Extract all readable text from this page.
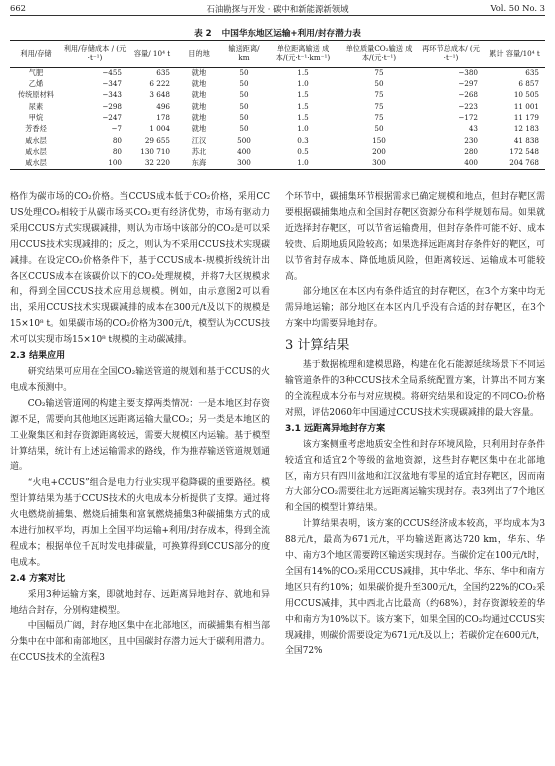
662	石油勘探与开发 · 碳中和新能源新领域	Vol. 50 No. 3
表 2 中国华东地区运输+利用/封存潜力表
利用/存储	利用/存储成本 / (元·t⁻¹)	容量/ 10⁴ t	目的地	输送距离/ km	单位距离输送 成本/(元·t⁻¹·km⁻¹)	单位质量CO₂输送 成本/(元·t⁻¹)	再环节总成本/ (元·t⁻¹)	累计 容量/10⁴ t
气肥	−455	635	就地	50	1.5	75	−380	635
乙烯	−347	6 222	就地	50	1.0	50	−297	6 857
传统原材料	−343	3 648	就地	50	1.5	75	−268	10 505
尿素	−298	496	就地	50	1.5	75	−223	11 001
甲烷	−247	178	就地	50	1.5	75	−172	11 179
芳香烃	−7	1 004	就地	50	1.0	50	43	12 183
咸水层	80	29 655	江汉	500	0.3	150	230	41 838
咸水层	80	130 710	苏北	400	0.5	200	280	172 548
咸水层	100	32 220	东海	300	1.0	300	400	204 768

格作为碳市场的CO₂价格。当CCUS成本低于CO₂价格，采用CCUS处理CO₂相较于从碳市场买CO₂更有经济优势，市场有驱动力采用CCUS方式实现碳减排，则认为市场中该部分的CO₂是可以采用CCUS技术实现减排的；反之，则认为不采用CCUS技术实现碳减排。在设定CO₂价格条件下，基于CCUS成本-规模折线统计出各区CCUS成本在该碳价以下的CO₂处理规模，并将7大区规模求和，得到全国CCUS技术应用总规模。例如，由示意图2可以看出，采用CCUS技术实现碳减排的成本在300元/t及以下的规模是15×10⁸ t。如果碳市场的CO₂价格为300元/t，模型认为CCUS技术可以实现市场15×10⁸ t规模的主动碳减排。

2.3 结果应用

研究结果可应用在全国CO₂输送管道的规划和基于CCUS的火电成本预测中。

CO₂输送管道网的构建主要支撑两类情况：一是本地区封存资源不足，需要向其他地区远距离运输大量CO₂；另一类是本地区的工业聚集区和封存资源距离较远，需要大规模区内运输。基于模型计算结果，统计有上述运输需求的路线，作为推荐输送管道规划通道。

“火电+CCUS”组合是电力行业实现平稳降碳的重要路径。模型计算结果为基于CCUS技术的火电成本分析提供了支撑。通过将火电燃烧前捕集、燃烧后捕集和富氧燃烧捕集3种碳捕集方式的成本进行加权平均，再加上全国平均运输+利用/封存成本，得到全流程成本；根据单位千瓦时发电排碳量，可换算得到CCUS部分的度电成本。

2.4 方案对比

采用3种运输方案，即就地封存、远距离异地封存、就地和异地结合封存，分别构建模型。

中国幅员广阔，封存地区集中在北部地区，而碳捕集有相当部分集中在中部和南部地区，且中国碳封存潜力远大于碳利用潜力。在CCUS技术的全流程3

个环节中，碳捕集环节根据需求已确定规模和地点，但封存靶区需要根据碳捕集地点和全国封存靶区资源分布科学规划布局。如果就近选择封存靶区，可以节省运输费用，但封存条件可能不好、成本较贵、后期地质风险较高；如果选择远距离封存条件好的靶区，可以节省封存成本、降低地质风险，但距离较远、运输成本可能较高。

部分地区在本区内有条件适宜的封存靶区，在3个方案中均无需异地运输；部分地区在本区内几乎没有合适的封存靶区，在3个方案中均需要异地封存。

3 计算结果

基于数据梳理和建模思路，构建在化石能源延续场景下不同运输管道条件的3种CCUS技术全局系统配置方案，计算出不同方案的全流程成本分布与对应规模。将研究结果和设定的不同CO₂价格对照，评估2060年中国通过CCUS技术实现碳减排的最大容量。

3.1 远距离异地封存方案

该方案侧重考虑地质安全性和封存环境风险，只利用封存条件较适宜和适宜2个等级的盆地资源，这些封存靶区集中在北部地区，南方只有四川盆地和江汉盆地有零星的适宜封存靶区，因而南方大部分CO₂需要往北方远距离运输实现封存。表3列出了7个地区和全国的模型计算结果。

计算结果表明，该方案的CCUS经济成本较高，平均成本为388元/t，最高为671元/t，平均输送距离达720 km，华东、华中、南方3个地区需要跨区输送实现封存。当碳价定在100元/t时，全国有14%的CO₂采用CCUS减排，其中华北、华东、华中和南方地区只有约10%；如果碳价提升至300元/t，全国约22%的CO₂采用CCUS减排，其中西北占比最高（约68%），封存资源较差的华中和南方为10%以下。该方案下，如果全国的CO₂均通过CCUS实现减排，则碳价需要设定为671元/t及以上；若碳价定在600元/t，全国72%
